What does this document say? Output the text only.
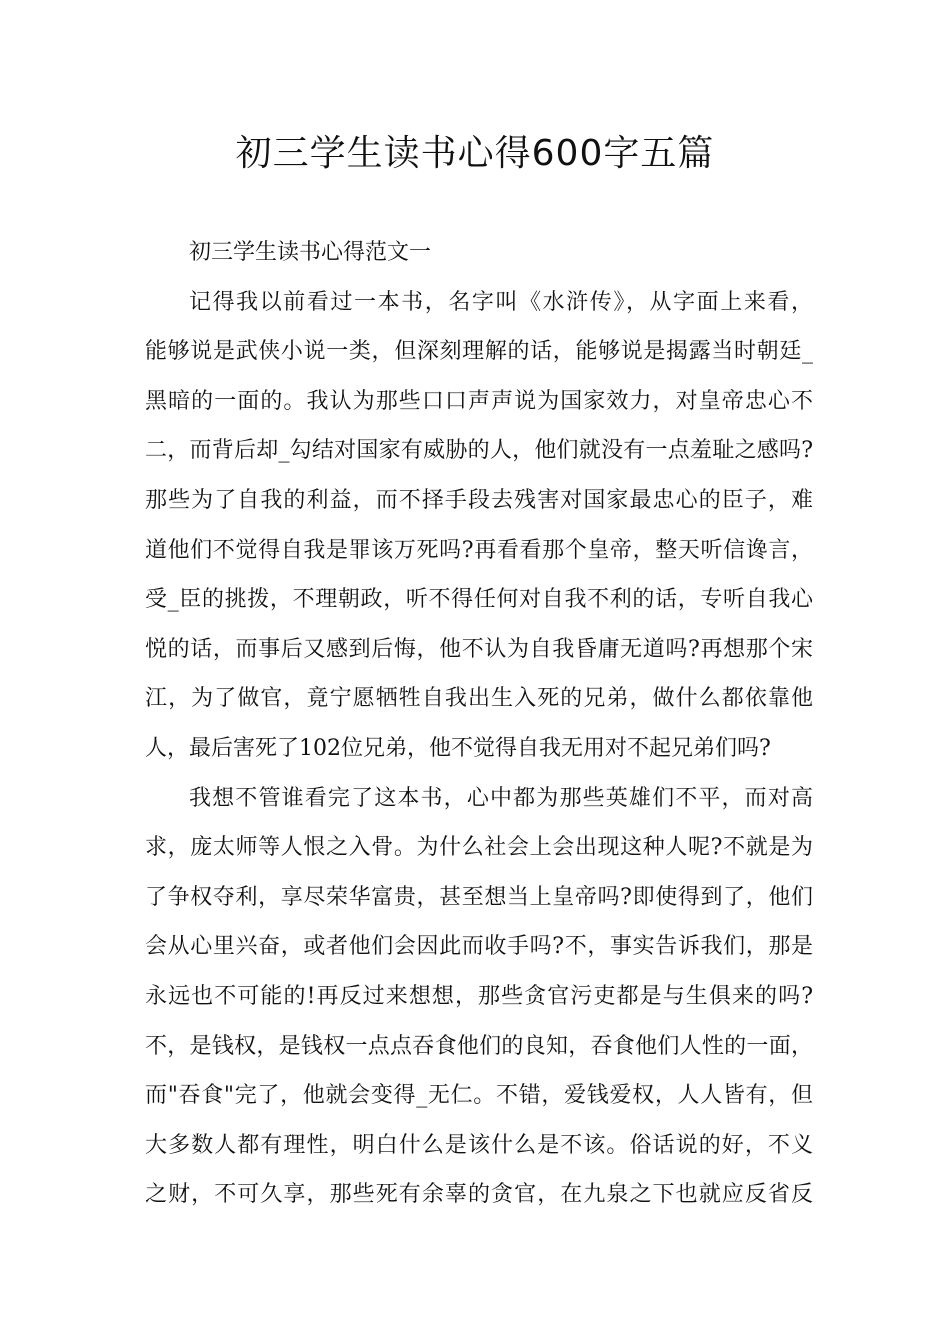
初三学生读书心得600字五篇
初三学生读书心得范文一
记得我以前看过一本书，名字叫《水浒传》，从字面上来看，
能够说是武侠小说一类，但深刻理解的话，能够说是揭露当时朝廷_
黑暗的一面的。我认为那些口口声声说为国家效力，对皇帝忠心不
二，而背后却_勾结对国家有威胁的人，他们就没有一点羞耻之感吗?
那些为了自我的利益，而不择手段去残害对国家最忠心的臣子，难
道他们不觉得自我是罪该万死吗?再看看那个皇帝，整天听信谗言，
受_臣的挑拨，不理朝政，听不得任何对自我不利的话，专听自我心
悦的话，而事后又感到后悔，他不认为自我昏庸无道吗?再想那个宋
江，为了做官，竟宁愿牺牲自我出生入死的兄弟，做什么都依靠他
人，最后害死了102位兄弟，他不觉得自我无用对不起兄弟们吗?
我想不管谁看完了这本书，心中都为那些英雄们不平，而对高
求，庞太师等人恨之入骨。为什么社会上会出现这种人呢?不就是为
了争权夺利，享尽荣华富贵，甚至想当上皇帝吗?即使得到了，他们
会从心里兴奋，或者他们会因此而收手吗?不，事实告诉我们，那是
永远也不可能的!再反过来想想，那些贪官污吏都是与生俱来的吗?
不，是钱权，是钱权一点点吞食他们的良知，吞食他们人性的一面，
而"吞食"完了，他就会变得_无仁。不错，爱钱爱权，人人皆有，但
大多数人都有理性，明白什么是该什么是不该。俗话说的好，不义
之财，不可久享，那些死有余辜的贪官，在九泉之下也就应反省反
